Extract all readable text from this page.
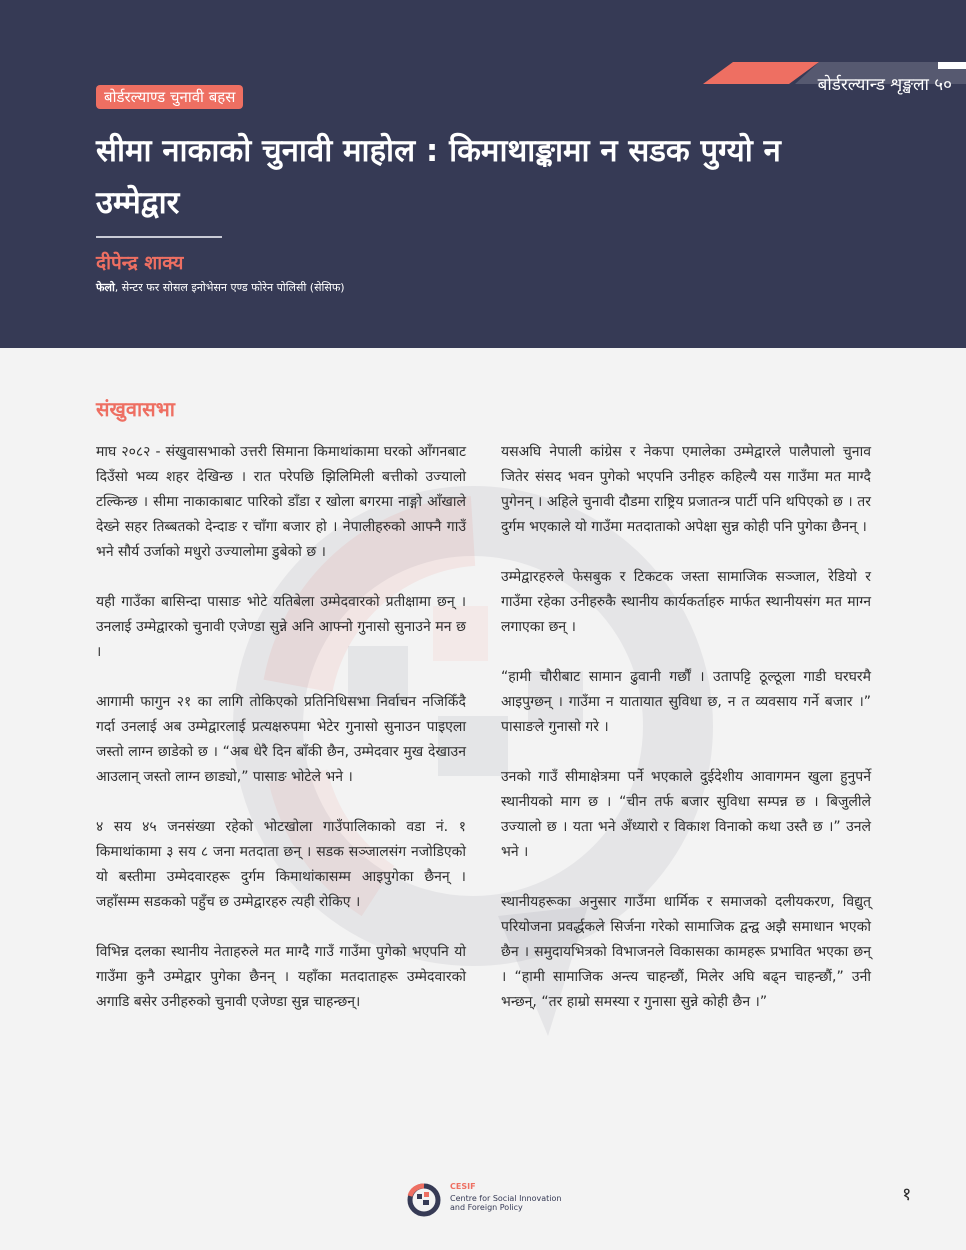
बोर्डरल्यान्ड शृङ्खला ५०
बोर्डरल्याण्ड चुनावी बहस
सीमा नाकाको चुनावी माहोल : किमाथाङ्कामा न सडक पुग्यो न उम्मेद्वार
दीपेन्द्र शाक्य
फेलो, सेन्टर फर सोसल इनोभेसन एण्ड फोरेन पोलिसी (सेसिफ)
संखुवासभा

माघ २०८२ - संखुवासभाको उत्तरी सिमाना किमाथांकामा घरको आँगनबाट दिउँसो भव्य शहर देखिन्छ । रात परेपछि झिलिमिली बत्तीको उज्यालो टल्किन्छ । सीमा नाकाकाबाट पारिको डाँडा र खोला बगरमा नाङ्गो आँखाले देख्ने सहर तिब्बतको देन्दाङ र चाँगा बजार हो । नेपालीहरुको आफ्नै गाउँ भने सौर्य उर्जाको मधुरो उज्यालोमा डुबेको छ ।

यही गाउँका बासिन्दा पासाङ भोटे यतिबेला उम्मेदवारको प्रतीक्षामा छन् । उनलाई उम्मेद्वारको चुनावी एजेण्डा सुन्ने अनि आफ्नो गुनासो सुनाउने मन छ ।

आगामी फागुन २१ का लागि तोकिएको प्रतिनिधिसभा निर्वाचन नजिकिँदै गर्दा उनलाई अब उम्मेद्वारलाई प्रत्यक्षरुपमा भेटेर गुनासो सुनाउन पाइएला जस्तो लाग्न छाडेको छ । “अब धेरै दिन बाँकी छैन, उम्मेदवार मुख देखाउन आउलान् जस्तो लाग्न छाड्यो,” पासाङ भोटेले भने ।

४ सय ४५ जनसंख्या रहेको भोटखोला गाउँपालिकाको वडा नं. १ किमाथांकामा ३ सय ८ जना मतदाता छन् । सडक सञ्जालसंग नजोडिएको यो बस्तीमा उम्मेदवारहरू दुर्गम किमाथांकासम्म आइपुगेका छैनन् । जहाँसम्म सडकको पहुँच छ उम्मेद्वारहरु त्यही रोकिए ।

विभिन्न दलका स्थानीय नेताहरुले मत माग्दै गाउँ गाउँमा पुगेको भएपनि यो गाउँमा कुनै उम्मेद्वार पुगेका छैनन् । यहाँका मतदाताहरू उम्मेदवारको अगाडि बसेर उनीहरुको चुनावी एजेण्डा सुन्न चाहन्छन्।

यसअघि नेपाली कांग्रेस र नेकपा एमालेका उम्मेद्वारले पालैपालो चुनाव जितेर संसद भवन पुगेको भएपनि उनीहरु कहिल्यै यस गाउँमा मत माग्दै पुगेनन् । अहिले चुनावी दौडमा राष्ट्रिय प्रजातन्त्र पार्टी पनि थपिएको छ । तर दुर्गम भएकाले यो गाउँमा मतदाताको अपेक्षा सुन्न कोही पनि पुगेका छैनन् ।

उम्मेद्वारहरुले फेसबुक र टिकटक जस्ता सामाजिक सञ्जाल, रेडियो र गाउँमा रहेका उनीहरुकै स्थानीय कार्यकर्ताहरु मार्फत स्थानीयसंग मत माग्न लगाएका छन् ।

“हामी चौरीबाट सामान ढुवानी गर्छौं । उतापट्टि ठूल्ठूला गाडी घरघरमै आइपुग्छन् । गाउँमा न यातायात सुविधा छ, न त व्यवसाय गर्ने बजार ।” पासाङले गुनासो गरे ।

उनको गाउँ सीमाक्षेत्रमा पर्ने भएकाले दुईदेशीय आवागमन खुला हुनुपर्ने स्थानीयको माग छ । “चीन तर्फ बजार सुविधा सम्पन्न छ । बिजुलीले उज्यालो छ । यता भने अँध्यारो र विकाश विनाको कथा उस्तै छ ।” उनले भने ।

स्थानीयहरूका अनुसार गाउँमा धार्मिक र समाजको दलीयकरण, विद्युत् परियोजना प्रवर्द्धकले सिर्जना गरेको सामाजिक द्वन्द्व अझै समाधान भएको छैन । समुदायभित्रको विभाजनले विकासका कामहरू प्रभावित भएका छन् । “हामी सामाजिक अन्त्य चाहन्छौं, मिलेर अघि बढ्न चाहन्छौं,” उनी भन्छन्, “तर हाम्रो समस्या र गुनासा सुन्ने कोही छैन ।”

CESIF
Centre for Social Innovation
and Foreign Policy
१
